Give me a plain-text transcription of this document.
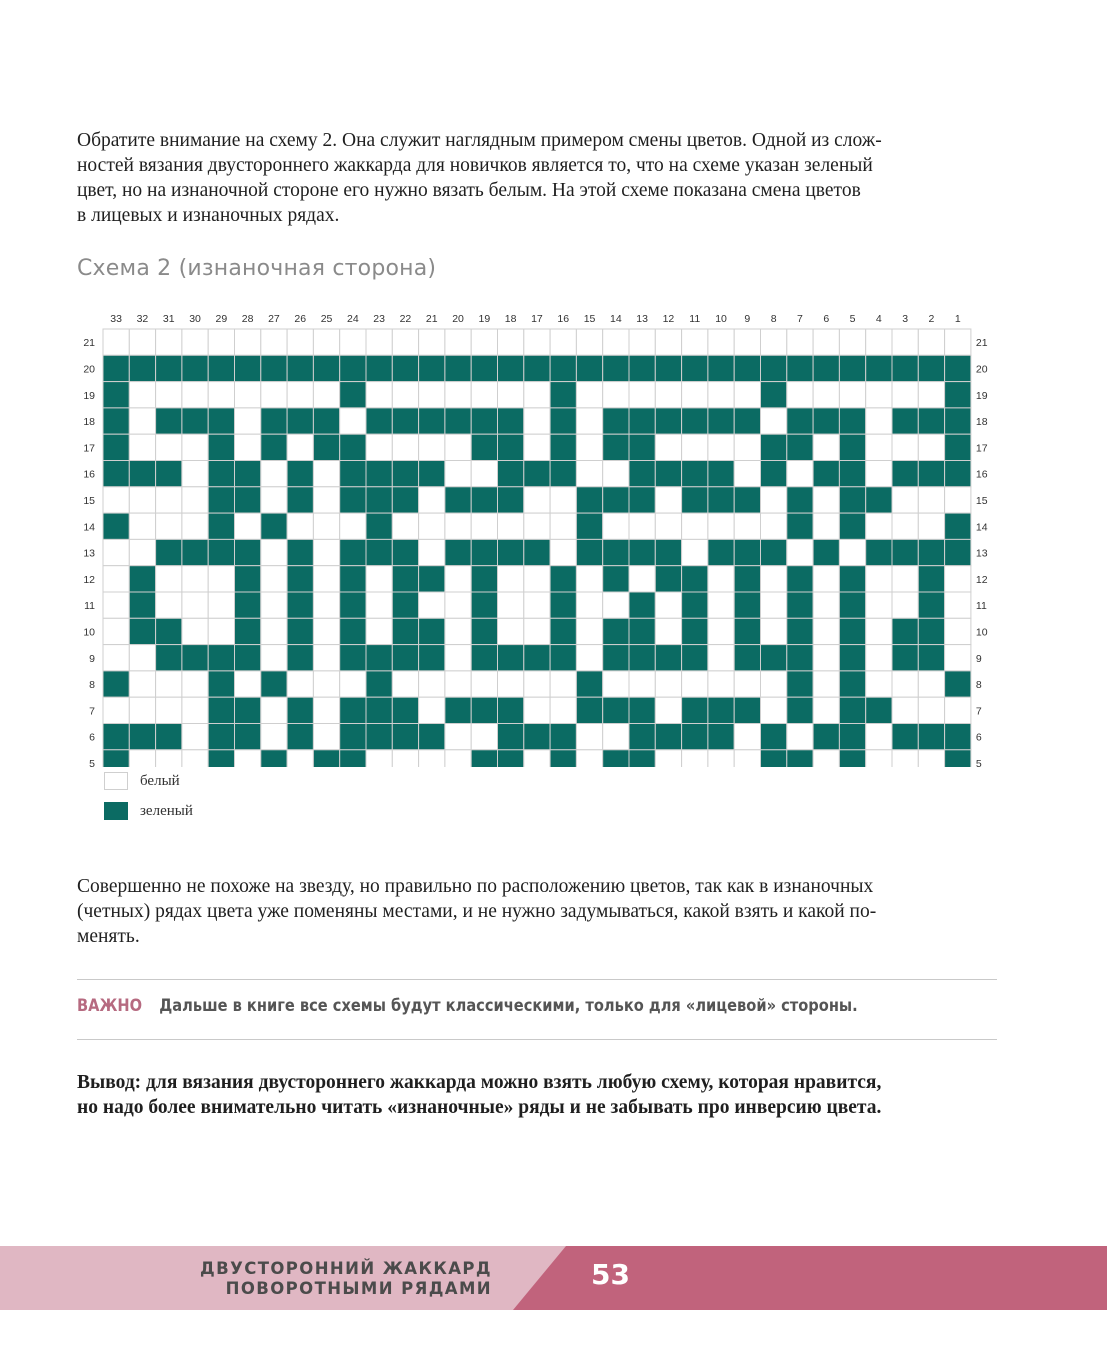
Обратите внимание на схему 2. Она служит наглядным примером смены цветов. Одной из слож-
ностей вязания двустороннего жаккарда для новичков является то, что на схеме указан зеленый
цвет, но на изнаночной стороне его нужно вязать белым. На этой схеме показана смена цветов
в лицевых и изнаночных рядах.
Схема 2 (изнаночная сторона)
33 32 31 30 29 28 27 26 25 24 23 22 21 20 19 18 17 16 15 14 13 12 11 10 9 8 7 6 5 4 3 2 1
21	21
20	20
19	19
18	18
17	17
16	16
15	15
14	14
13	13
12	12
11	11
10	10
9	9
8	8
7	7
6	6
5	5
белый
зеленый
Совершенно не похоже на звезду, но правильно по расположению цветов, так как в изнаночных
(четных) рядах цвета уже поменяны местами, и не нужно задумываться, какой взять и какой по-
менять.
ВАЖНО Дальше в книге все схемы будут классическими, только для «лицевой» стороны.
Вывод: для вязания двустороннего жаккарда можно взять любую схему, которая нравится,
но надо более внимательно читать «изнаночные» ряды и не забывать про инверсию цвета.
ДВУСТОРОННИЙ ЖАККАРД
ПОВОРОТНЫМИ РЯДАМИ	53
